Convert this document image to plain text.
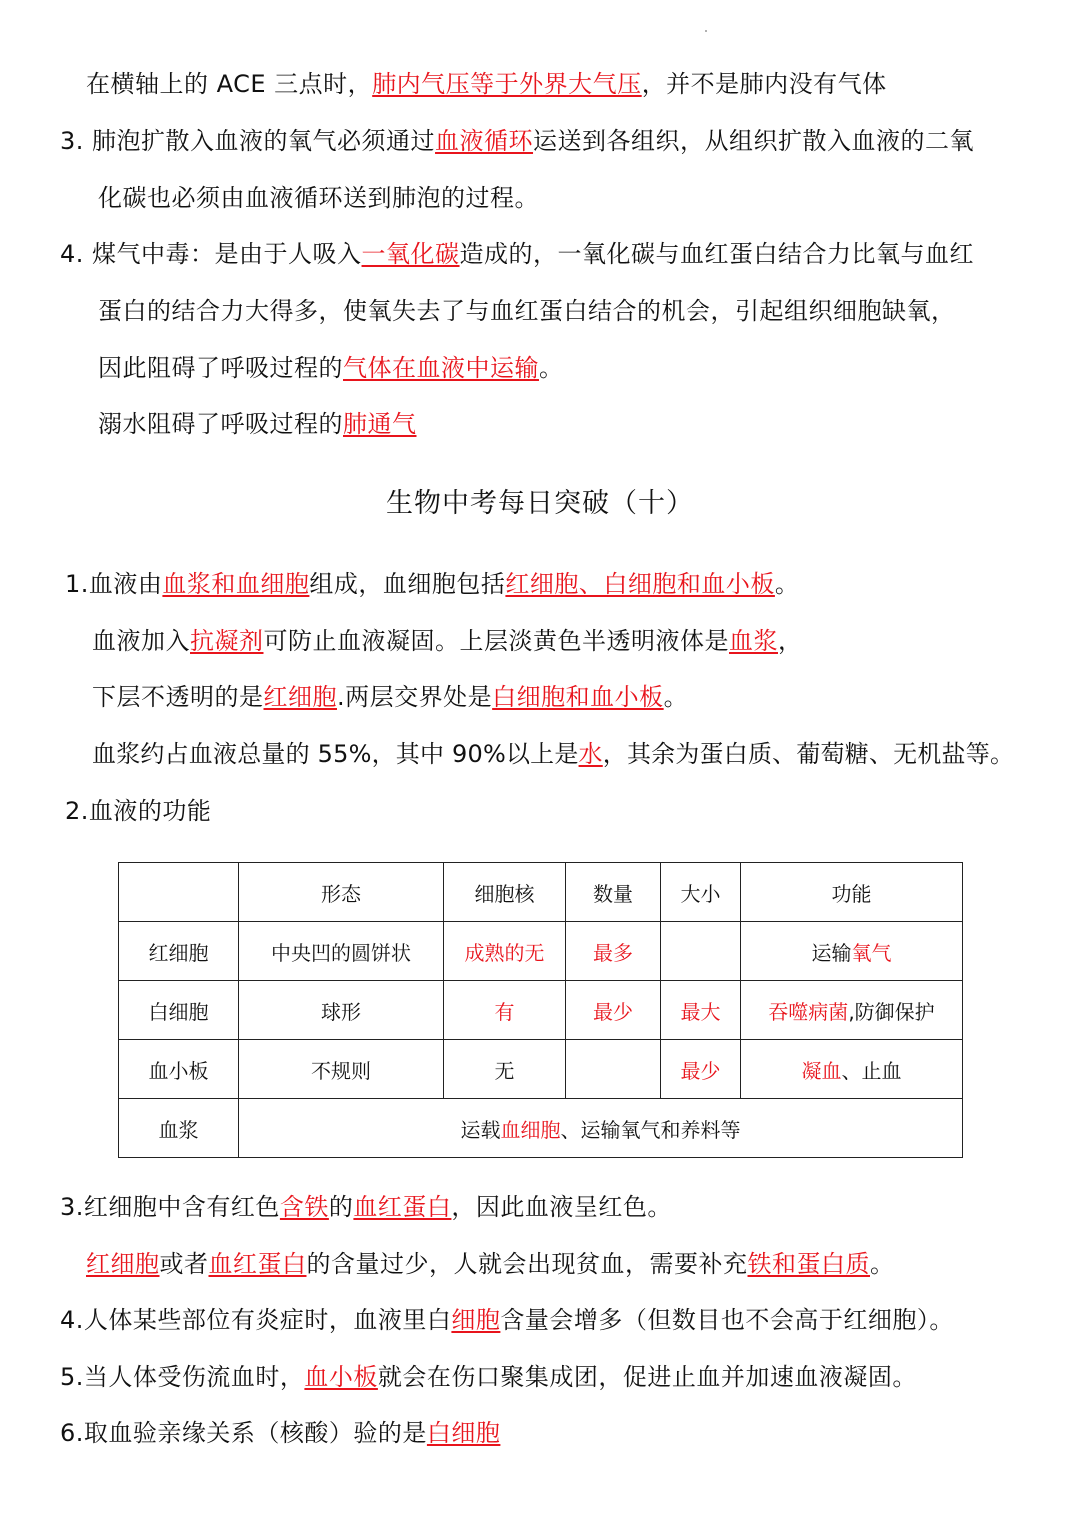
在横轴上的 ACE 三点时，肺内气压等于外界大气压，并不是肺内没有气体
3. 肺泡扩散入血液的氧气必须通过血液循环运送到各组织，从组织扩散入血液的二氧
化碳也必须由血液循环送到肺泡的过程。
4. 煤气中毒：是由于人吸入一氧化碳造成的，一氧化碳与血红蛋白结合力比氧与血红
蛋白的结合力大得多，使氧失去了与血红蛋白结合的机会，引起组织细胞缺氧，
因此阻碍了呼吸过程的气体在血液中运输。
溺水阻碍了呼吸过程的肺通气
生物中考每日突破（十）
1.血液由血浆和血细胞组成，血细胞包括红细胞、白细胞和血小板。
血液加入抗凝剂可防止血液凝固。上层淡黄色半透明液体是血浆，
下层不透明的是红细胞.两层交界处是白细胞和血小板。
血浆约占血液总量的 55%，其中 90%以上是水，其余为蛋白质、葡萄糖、无机盐等。
2.血液的功能
	形态	细胞核	数量	大小	功能
红细胞	中央凹的圆饼状	成熟的无	最多		运输氧气
白细胞	球形	有	最少	最大	吞噬病菌,防御保护
血小板	不规则	无		最少	凝血、止血
血浆	运载血细胞、运输氧气和养料等				
3.红细胞中含有红色含铁的血红蛋白，因此血液呈红色。
红细胞或者血红蛋白的含量过少，人就会出现贫血，需要补充铁和蛋白质。
4.人体某些部位有炎症时，血液里白细胞含量会增多（但数目也不会高于红细胞）。
5.当人体受伤流血时，血小板就会在伤口聚集成团，促进止血并加速血液凝固。
6.取血验亲缘关系（核酸）验的是白细胞
